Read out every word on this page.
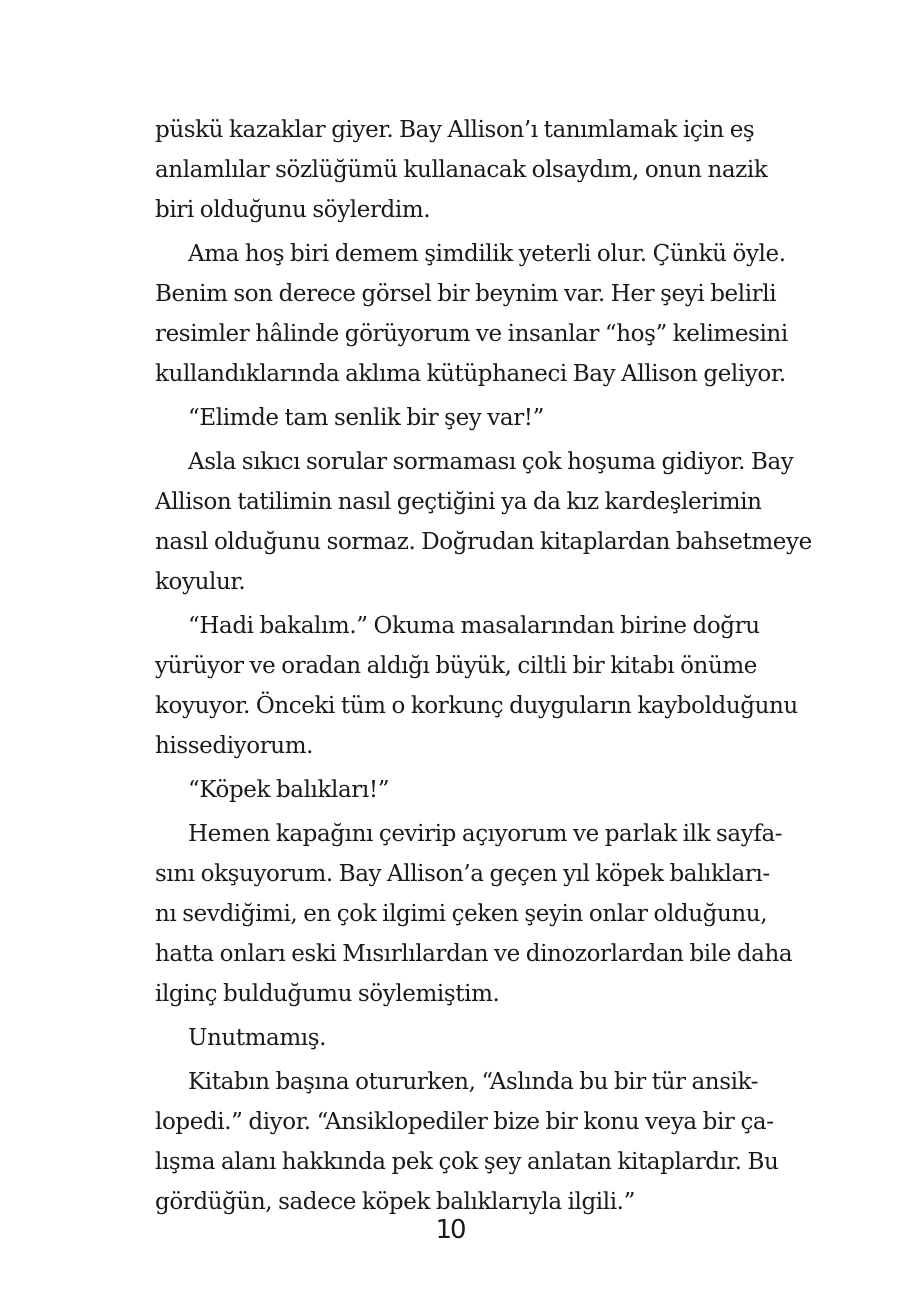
püskü kazaklar giyer. Bay Allison’ı tanımlamak için eş
anlamlılar sözlüğümü kullanacak olsaydım, onun nazik
biri olduğunu söylerdim.
Ama hoş biri demem şimdilik yeterli olur. Çünkü öyle.
Benim son derece görsel bir beynim var. Her şeyi belirli
resimler hâlinde görüyorum ve insanlar “hoş” kelimesini
kullandıklarında aklıma kütüphaneci Bay Allison geliyor.
“Elimde tam senlik bir şey var!”
Asla sıkıcı sorular sormaması çok hoşuma gidiyor. Bay
Allison tatilimin nasıl geçtiğini ya da kız kardeşlerimin
nasıl olduğunu sormaz. Doğrudan kitaplardan bahsetmeye
koyulur.
“Hadi bakalım.” Okuma masalarından birine doğru
yürüyor ve oradan aldığı büyük, ciltli bir kitabı önüme
koyuyor. Önceki tüm o korkunç duyguların kaybolduğunu
hissediyorum.
“Köpek balıkları!”
Hemen kapağını çevirip açıyorum ve parlak ilk sayfa-
sını okşuyorum. Bay Allison’a geçen yıl köpek balıkları-
nı sevdiğimi, en çok ilgimi çeken şeyin onlar olduğunu,
hatta onları eski Mısırlılardan ve dinozorlardan bile daha
ilginç bulduğumu söylemiştim.
Unutmamış.
Kitabın başına otururken, “Aslında bu bir tür ansik-
lopedi.” diyor. “Ansiklopediler bize bir konu veya bir ça-
lışma alanı hakkında pek çok şey anlatan kitaplardır. Bu
gördüğün, sadece köpek balıklarıyla ilgili.”
10
